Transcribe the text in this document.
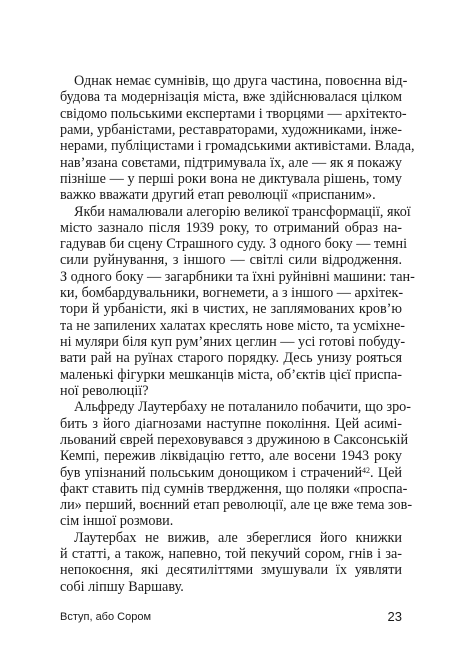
Однак немає сумнівів, що друга частина, повоєнна від-
будова та модернізація міста, вже здійснювалася цілком
свідомо польськими експертами і творцями — архітекто-
рами, урбаністами, реставраторами, художниками, інже-
нерами, публіцистами і громадськими активістами. Влада,
нав’язана совєтами, підтримувала їх, але — як я покажу
пізніше — у перші роки вона не диктувала рішень, тому
важко вважати другий етап революції «приспаним».
Якби намалювали алегорію великої трансформації, якої
місто зазнало після 1939 року, то отриманий образ на-
гадував би сцену Страшного суду. З одного боку — темні
сили руйнування, з іншого — світлі сили відродження.
З одного боку — загарбники та їхні руйнівні машини: тан-
ки, бомбардувальники, вогнемети, а з іншого — архітек-
тори й урбаністи, які в чистих, не заплямованих кров’ю
та не запилених халатах креслять нове місто, та усміхне-
ні муляри біля куп рум’яних цеглин — усі готові побуду-
вати рай на руїнах старого порядку. Десь унизу рояться
маленькі фігурки мешканців міста, об’єктів цієї приспа-
ної революції?
Альфреду Лаутербаху не поталанило побачити, що зро-
бить з його діагнозами наступне покоління. Цей асимі-
льований єврей переховувався з дружиною в Саксонській
Кемпі, пережив ліквідацію гетто, але восени 1943 року
був упізнаний польським донощиком і страчений$^{42}$. Цей
факт ставить під сумнів твердження, що поляки «проспа-
ли» перший, воєнний етап революції, але це вже тема зов-
сім іншої розмови.
Лаутербах не вижив, але збереглися його книжки
й статті, а також, напевно, той пекучий сором, гнів і за-
непокоєння, які десятиліттями змушували їх уявляти
собі ліпшу Варшаву.
Вступ, або Сором	23
